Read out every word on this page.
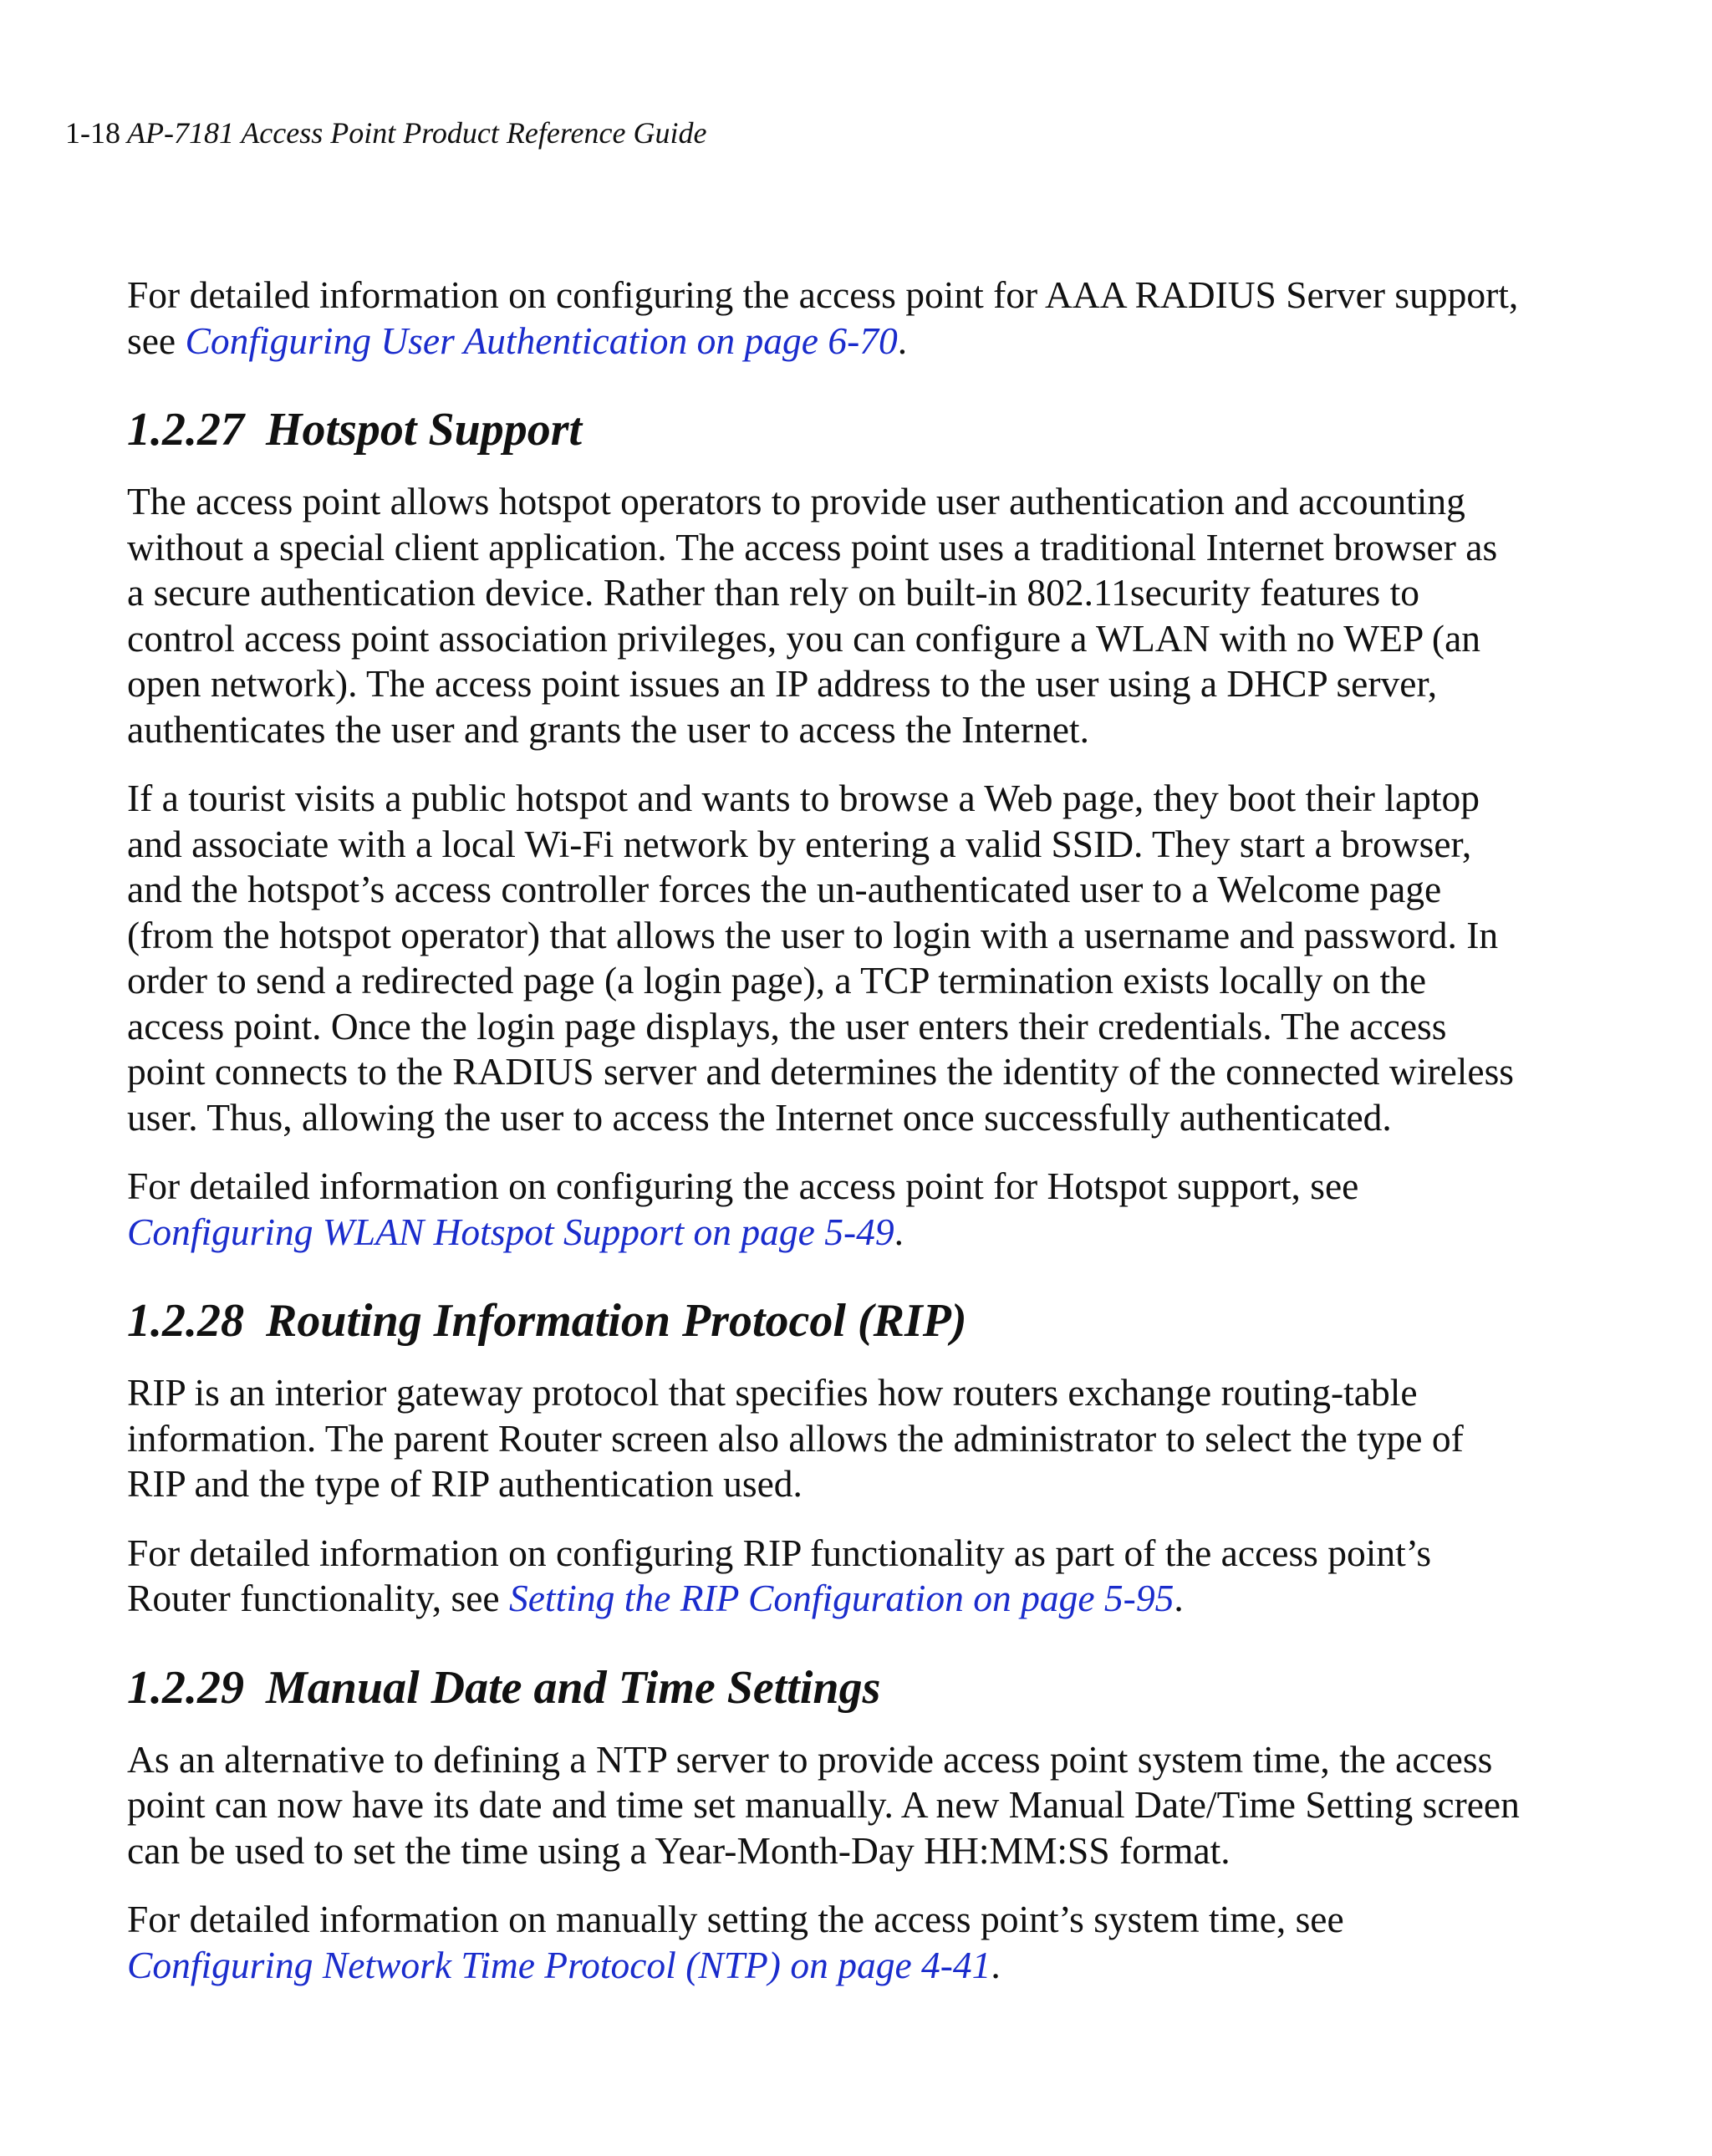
1-18 AP-7181 Access Point Product Reference Guide

For detailed information on configuring the access point for AAA RADIUS Server support, see Configuring User Authentication on page 6-70.

1.2.27 Hotspot Support

The access point allows hotspot operators to provide user authentication and accounting without a special client application. The access point uses a traditional Internet browser as a secure authentication device. Rather than rely on built-in 802.11security features to control access point association privileges, you can configure a WLAN with no WEP (an open network). The access point issues an IP address to the user using a DHCP server, authenticates the user and grants the user to access the Internet.

If a tourist visits a public hotspot and wants to browse a Web page, they boot their laptop and associate with a local Wi-Fi network by entering a valid SSID. They start a browser, and the hotspot’s access controller forces the un-authenticated user to a Welcome page (from the hotspot operator) that allows the user to login with a username and password. In order to send a redirected page (a login page), a TCP termination exists locally on the access point. Once the login page displays, the user enters their credentials. The access point connects to the RADIUS server and determines the identity of the connected wireless user. Thus, allowing the user to access the Internet once successfully authenticated.

For detailed information on configuring the access point for Hotspot support, see Configuring WLAN Hotspot Support on page 5-49.

1.2.28 Routing Information Protocol (RIP)

RIP is an interior gateway protocol that specifies how routers exchange routing-table information. The parent Router screen also allows the administrator to select the type of RIP and the type of RIP authentication used.

For detailed information on configuring RIP functionality as part of the access point’s Router functionality, see Setting the RIP Configuration on page 5-95.

1.2.29 Manual Date and Time Settings

As an alternative to defining a NTP server to provide access point system time, the access point can now have its date and time set manually. A new Manual Date/Time Setting screen can be used to set the time using a Year-Month-Day HH:MM:SS format.

For detailed information on manually setting the access point’s system time, see Configuring Network Time Protocol (NTP) on page 4-41.
